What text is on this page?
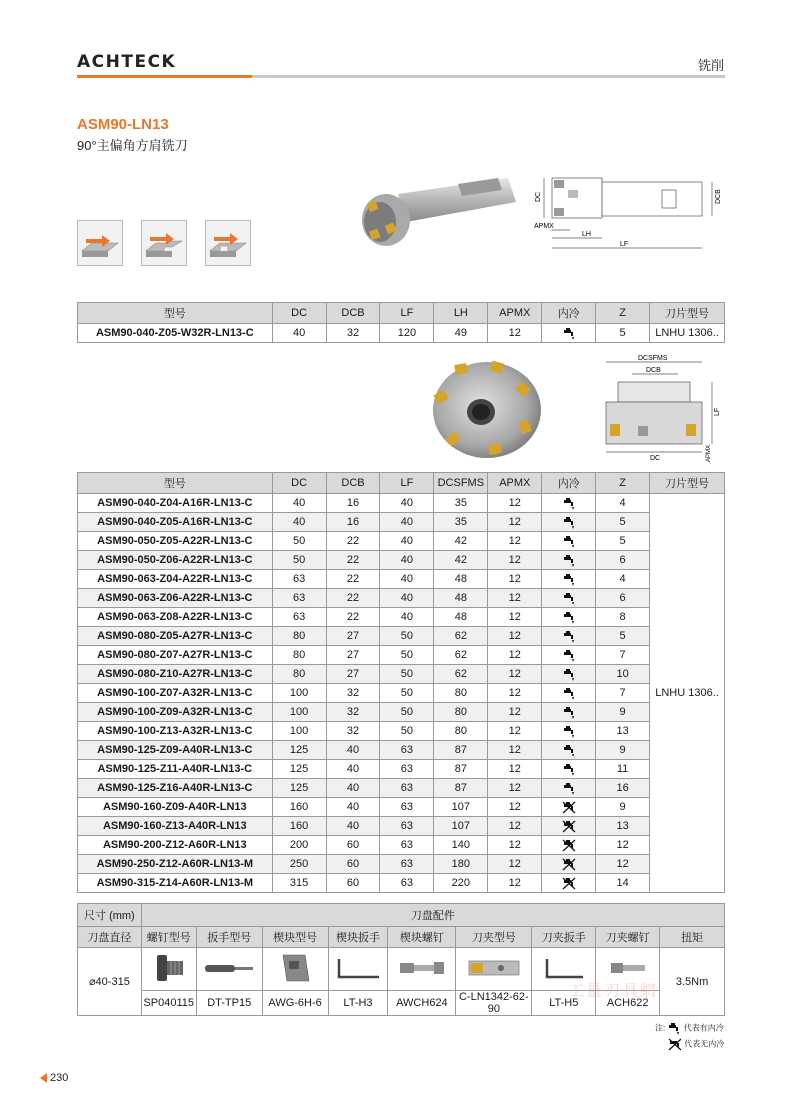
ACHTECK	铣削
ASM90-LN13
90°主偏角方肩铣刀
DC	DCB
APMX
LH
LF
型号	DC	DCB	LF	LH	APMX	内冷	Z	刀片型号
ASM90-040-Z05-W32R-LN13-C	40	32	120	49	12		5	LNHU 1306..
DCSFMS
DCB
LF
DC	APMX
型号	DC	DCB	LF	DCSFMS	APMX	内冷	Z	刀片型号
ASM90-040-Z04-A16R-LN13-C	40	16	40	35	12		4	LNHU 1306..
ASM90-040-Z05-A16R-LN13-C	40	16	40	35	12		5	
ASM90-050-Z05-A22R-LN13-C	50	22	40	42	12		5	
ASM90-050-Z06-A22R-LN13-C	50	22	40	42	12		6	
ASM90-063-Z04-A22R-LN13-C	63	22	40	48	12		4	
ASM90-063-Z06-A22R-LN13-C	63	22	40	48	12		6	
ASM90-063-Z08-A22R-LN13-C	63	22	40	48	12		8	
ASM90-080-Z05-A27R-LN13-C	80	27	50	62	12		5	
ASM90-080-Z07-A27R-LN13-C	80	27	50	62	12		7	
ASM90-080-Z10-A27R-LN13-C	80	27	50	62	12		10	
ASM90-100-Z07-A32R-LN13-C	100	32	50	80	12		7	
ASM90-100-Z09-A32R-LN13-C	100	32	50	80	12		9	
ASM90-100-Z13-A32R-LN13-C	100	32	50	80	12		13	
ASM90-125-Z09-A40R-LN13-C	125	40	63	87	12		9	
ASM90-125-Z11-A40R-LN13-C	125	40	63	87	12		11	
ASM90-125-Z16-A40R-LN13-C	125	40	63	87	12		16	
ASM90-160-Z09-A40R-LN13	160	40	63	107	12		9	
ASM90-160-Z13-A40R-LN13	160	40	63	107	12		13	
ASM90-200-Z12-A60R-LN13	200	60	63	140	12		12	
ASM90-250-Z12-A60R-LN13-M	250	60	63	180	12		12	
ASM90-315-Z14-A60R-LN13-M	315	60	63	220	12		14	
尺寸 (mm)	刀盘配件								
刀盘直径	螺钉型号	扳手型号	楔块型号	楔块扳手	楔块螺钉	刀夹型号	刀夹扳手	刀夹螺钉	扭矩
⌀40-315									3.5Nm
	SP040115	DT-TP15	AWG-6H-6	LT-H3	AWCH624	C-LN1342-62-90	LT-H5	ACH622	
工量刃具網
注: 代表有内冷
代表无内冷
230
